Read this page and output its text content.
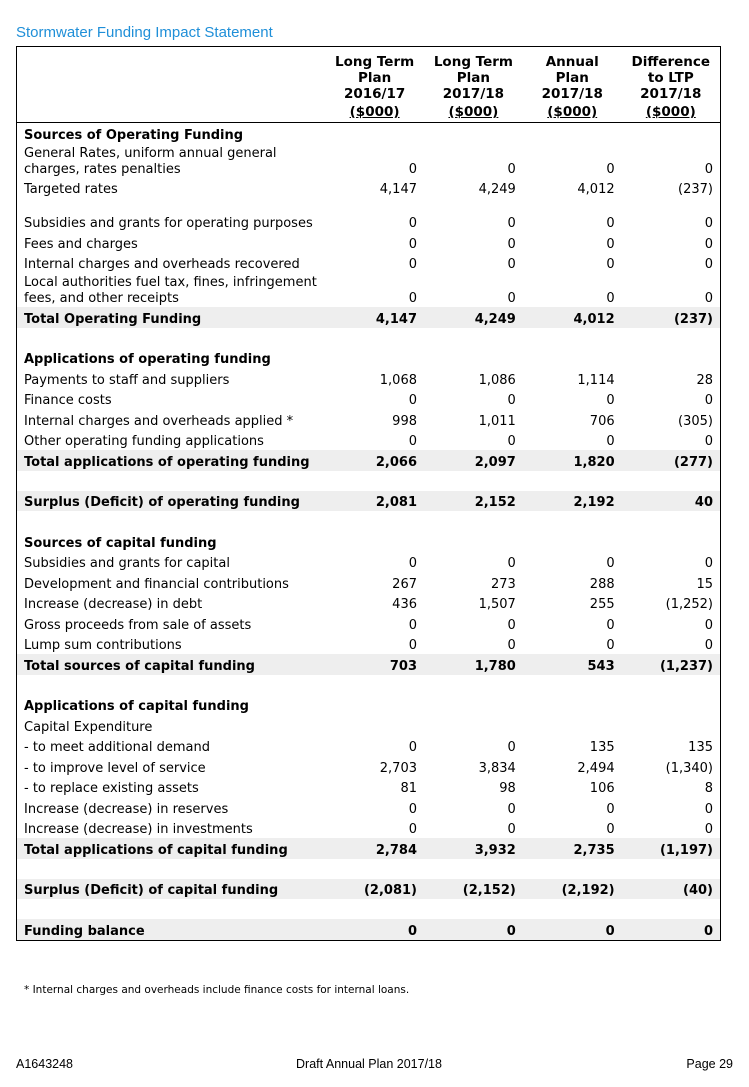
Stormwater Funding Impact Statement
	Long Term
Plan
2016/17	Long Term
Plan
2017/18	Annual
Plan
2017/18	Difference
to LTP
2017/18
	($000)	($000)	($000)	($000)
Sources of Operating Funding				
General Rates, uniform annual general charges, rates penalties	0	0	0	0
Targeted rates	4,147	4,249	4,012	(237)
Subsidies and grants for operating purposes	0	0	0	0
Fees and charges	0	0	0	0
Internal charges and overheads recovered	0	0	0	0
Local authorities fuel tax, fines, infringement fees, and other receipts	0	0	0	0
Total Operating Funding	4,147	4,249	4,012	(237)

Applications of operating funding				
Payments to staff and suppliers	1,068	1,086	1,114	28
Finance costs	0	0	0	0
Internal charges and overheads applied *	998	1,011	706	(305)
Other operating funding applications	0	0	0	0
Total applications of operating funding	2,066	2,097	1,820	(277)

Surplus (Deficit) of operating funding	2,081	2,152	2,192	40

Sources of capital funding				
Subsidies and grants for capital	0	0	0	0
Development and financial contributions	267	273	288	15
Increase (decrease) in debt	436	1,507	255	(1,252)
Gross proceeds from sale of assets	0	0	0	0
Lump sum contributions	0	0	0	0
Total sources of capital funding	703	1,780	543	(1,237)

Applications of capital funding				
Capital Expenditure				
- to meet additional demand	0	0	135	135
- to improve level of service	2,703	3,834	2,494	(1,340)
- to replace existing assets	81	98	106	8
Increase (decrease) in reserves	0	0	0	0
Increase (decrease) in investments	0	0	0	0
Total applications of capital funding	2,784	3,932	2,735	(1,197)

Surplus (Deficit) of capital funding	(2,081)	(2,152)	(2,192)	(40)

Funding balance	0	0	0	0
* Internal charges and overheads include finance costs for internal loans.
A1643248	Draft Annual Plan 2017/18	Page 29
